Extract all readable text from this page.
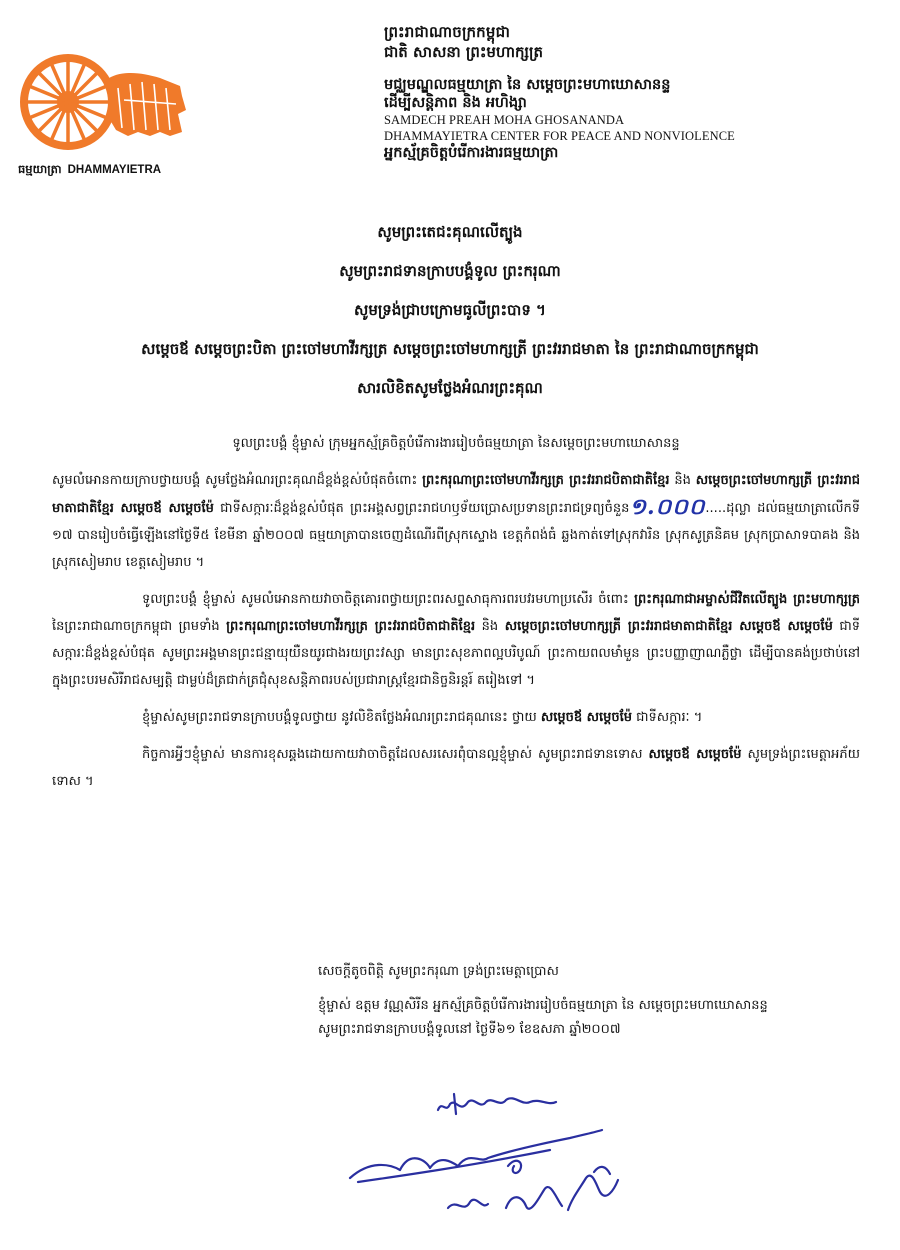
ធម្មយាត្រា DHAMMAYIETRA
ព្រះរាជាណាចក្រកម្ពុជា
ជាតិ សាសនា ព្រះមហាក្សត្រ
មជ្ឈមណ្ឌលធម្មយាត្រា នៃ សម្តេចព្រះមហាឃោសានន្ទ
ដើម្បីសន្តិភាព និង អហិង្សា
SAMDECH PREAH MOHA GHOSANANDA
DHAMMAYIETRA CENTER FOR PEACE AND NONVIOLENCE
អ្នកស្ម័គ្រចិត្តបំរើការងារធម្មយាត្រា
សូមព្រះតេជះគុណលើត្បូង
សូមព្រះរាជទានក្រាបបង្គំទូល ព្រះករុណា
សូមទ្រង់ជ្រាបក្រោមធូលីព្រះបាទ ។
សម្តេចឪ សម្តេចព្រះបិតា ព្រះចៅមហាវីរក្សត្រ សម្តេចព្រះចៅមហាក្សត្រី ព្រះវររាជមាតា នៃ ព្រះរាជាណាចក្រកម្ពុជា
សារលិខិតសូមថ្លែងអំណរព្រះគុណ

ទូលព្រះបង្គំ ខ្ញុំម្ចាស់ ក្រុមអ្នកស្ម័គ្រចិត្តបំរើការងាររៀបចំធម្មយាត្រា នៃសម្តេចព្រះមហាឃោសានន្ទ

សូមលំអោនកាយក្រាបថ្វាយបង្គំ សូមថ្លែងអំណរព្រះគុណដ៏ខ្ពង់ខ្ពស់បំផុតចំពោះ ព្រះករុណាព្រះចៅមហាវីរក្សត្រ ព្រះវររាជបិតាជាតិខ្មែរ និង សម្តេចព្រះចៅមហាក្សត្រី ព្រះវររាជមាតាជាតិខ្មែរ សម្តេចឪ សម្តេចម៉ែ ជាទីសក្ការៈដ៏ខ្ពង់ខ្ពស់បំផុត ព្រះអង្គសព្វព្រះរាជហឫទ័យប្រោសប្រទានព្រះរាជទ្រព្យចំនួន១.០០០.....ដុល្លា ដល់ធម្មយាត្រាលើកទី ១៧ បានរៀបចំធ្វើឡើងនៅថ្ងៃទី៥ ខែមីនា ឆ្នាំ២០០៧ ធម្មយាត្រាបានចេញដំណើរពីស្រុកស្ទោង ខេត្តកំពង់ធំ ឆ្លងកាត់ទៅស្រុកវារិន ស្រុកសូត្រនិគម ស្រុកប្រាសាទបាគង និងស្រុកសៀមរាប ខេត្តសៀមរាប ។

ទូលព្រះបង្គំ ខ្ញុំម្ចាស់ សូមលំអោនកាយវាចាចិត្តគោរពថ្វាយព្រះពរសព្ទសាធុការពរបវរមហាប្រសើរ ចំពោះ ព្រះករុណាជាអម្ចាស់ជីវិតលើត្បូង ព្រះមហាក្សត្រ នៃព្រះរាជាណាចក្រកម្ពុជា ព្រមទាំង ព្រះករុណាព្រះចៅមហាវីរក្សត្រ ព្រះវររាជបិតាជាតិខ្មែរ និង សម្តេចព្រះចៅមហាក្សត្រី ព្រះវររាជមាតាជាតិខ្មែរ សម្តេចឪ សម្តេចម៉ែ ជាទីសក្ការៈដ៏ខ្ពង់ខ្ពស់បំផុត សូមព្រះអង្គមានព្រះជន្មាយុយឺនយូរជាងរយព្រះវស្សា មានព្រះសុខភាពល្អបរិបូណ៍ ព្រះកាយពលមាំមួន ព្រះបញ្ញាញាណភ្លឺថ្លា ដើម្បីបានគង់ប្រថាប់នៅក្នុងព្រះបរមសិរីរាជសម្បត្តិ ជាម្លប់ដ៏ត្រជាក់ត្រជុំសុខសន្តិភាពរបស់ប្រជារាស្ត្រខ្មែរជានិច្ចនិរន្តរ៍ តរៀងទៅ ។

ខ្ញុំម្ចាស់សូមព្រះរាជទានក្រាបបង្គំទូលថ្វាយ នូវលិខិតថ្លែងអំណរព្រះរាជគុណនេះ ថ្វាយ សម្តេចឪ សម្តេចម៉ែ ជាទីសក្ការៈ ។

កិច្ចការអ្វីៗខ្ញុំម្ចាស់ មានការខុសឆ្គងដោយកាយវាចាចិត្តដែលសរសេរពុំបានល្អខ្ញុំម្ចាស់ សូមព្រះរាជទានទោស សម្តេចឪ សម្តេចម៉ែ សូមទ្រង់ព្រះមេត្តាអភ័យទោស ។

សេចក្តីតូចពិត្តិ សូមព្រះករុណា ទ្រង់ព្រះមេត្តាប្រោស
ខ្ញុំម្ចាស់ ឧត្តម វណ្ណសិរីន អ្នកស្ម័គ្រចិត្តបំរើការងាររៀបចំធម្មយាត្រា នៃ សម្តេចព្រះមហាឃោសានន្ទ
សូមព្រះរាជទានក្រាបបង្គំទូលនៅ ថ្ងៃទី៦១ ខែឧសភា ឆ្នាំ២០០៧
